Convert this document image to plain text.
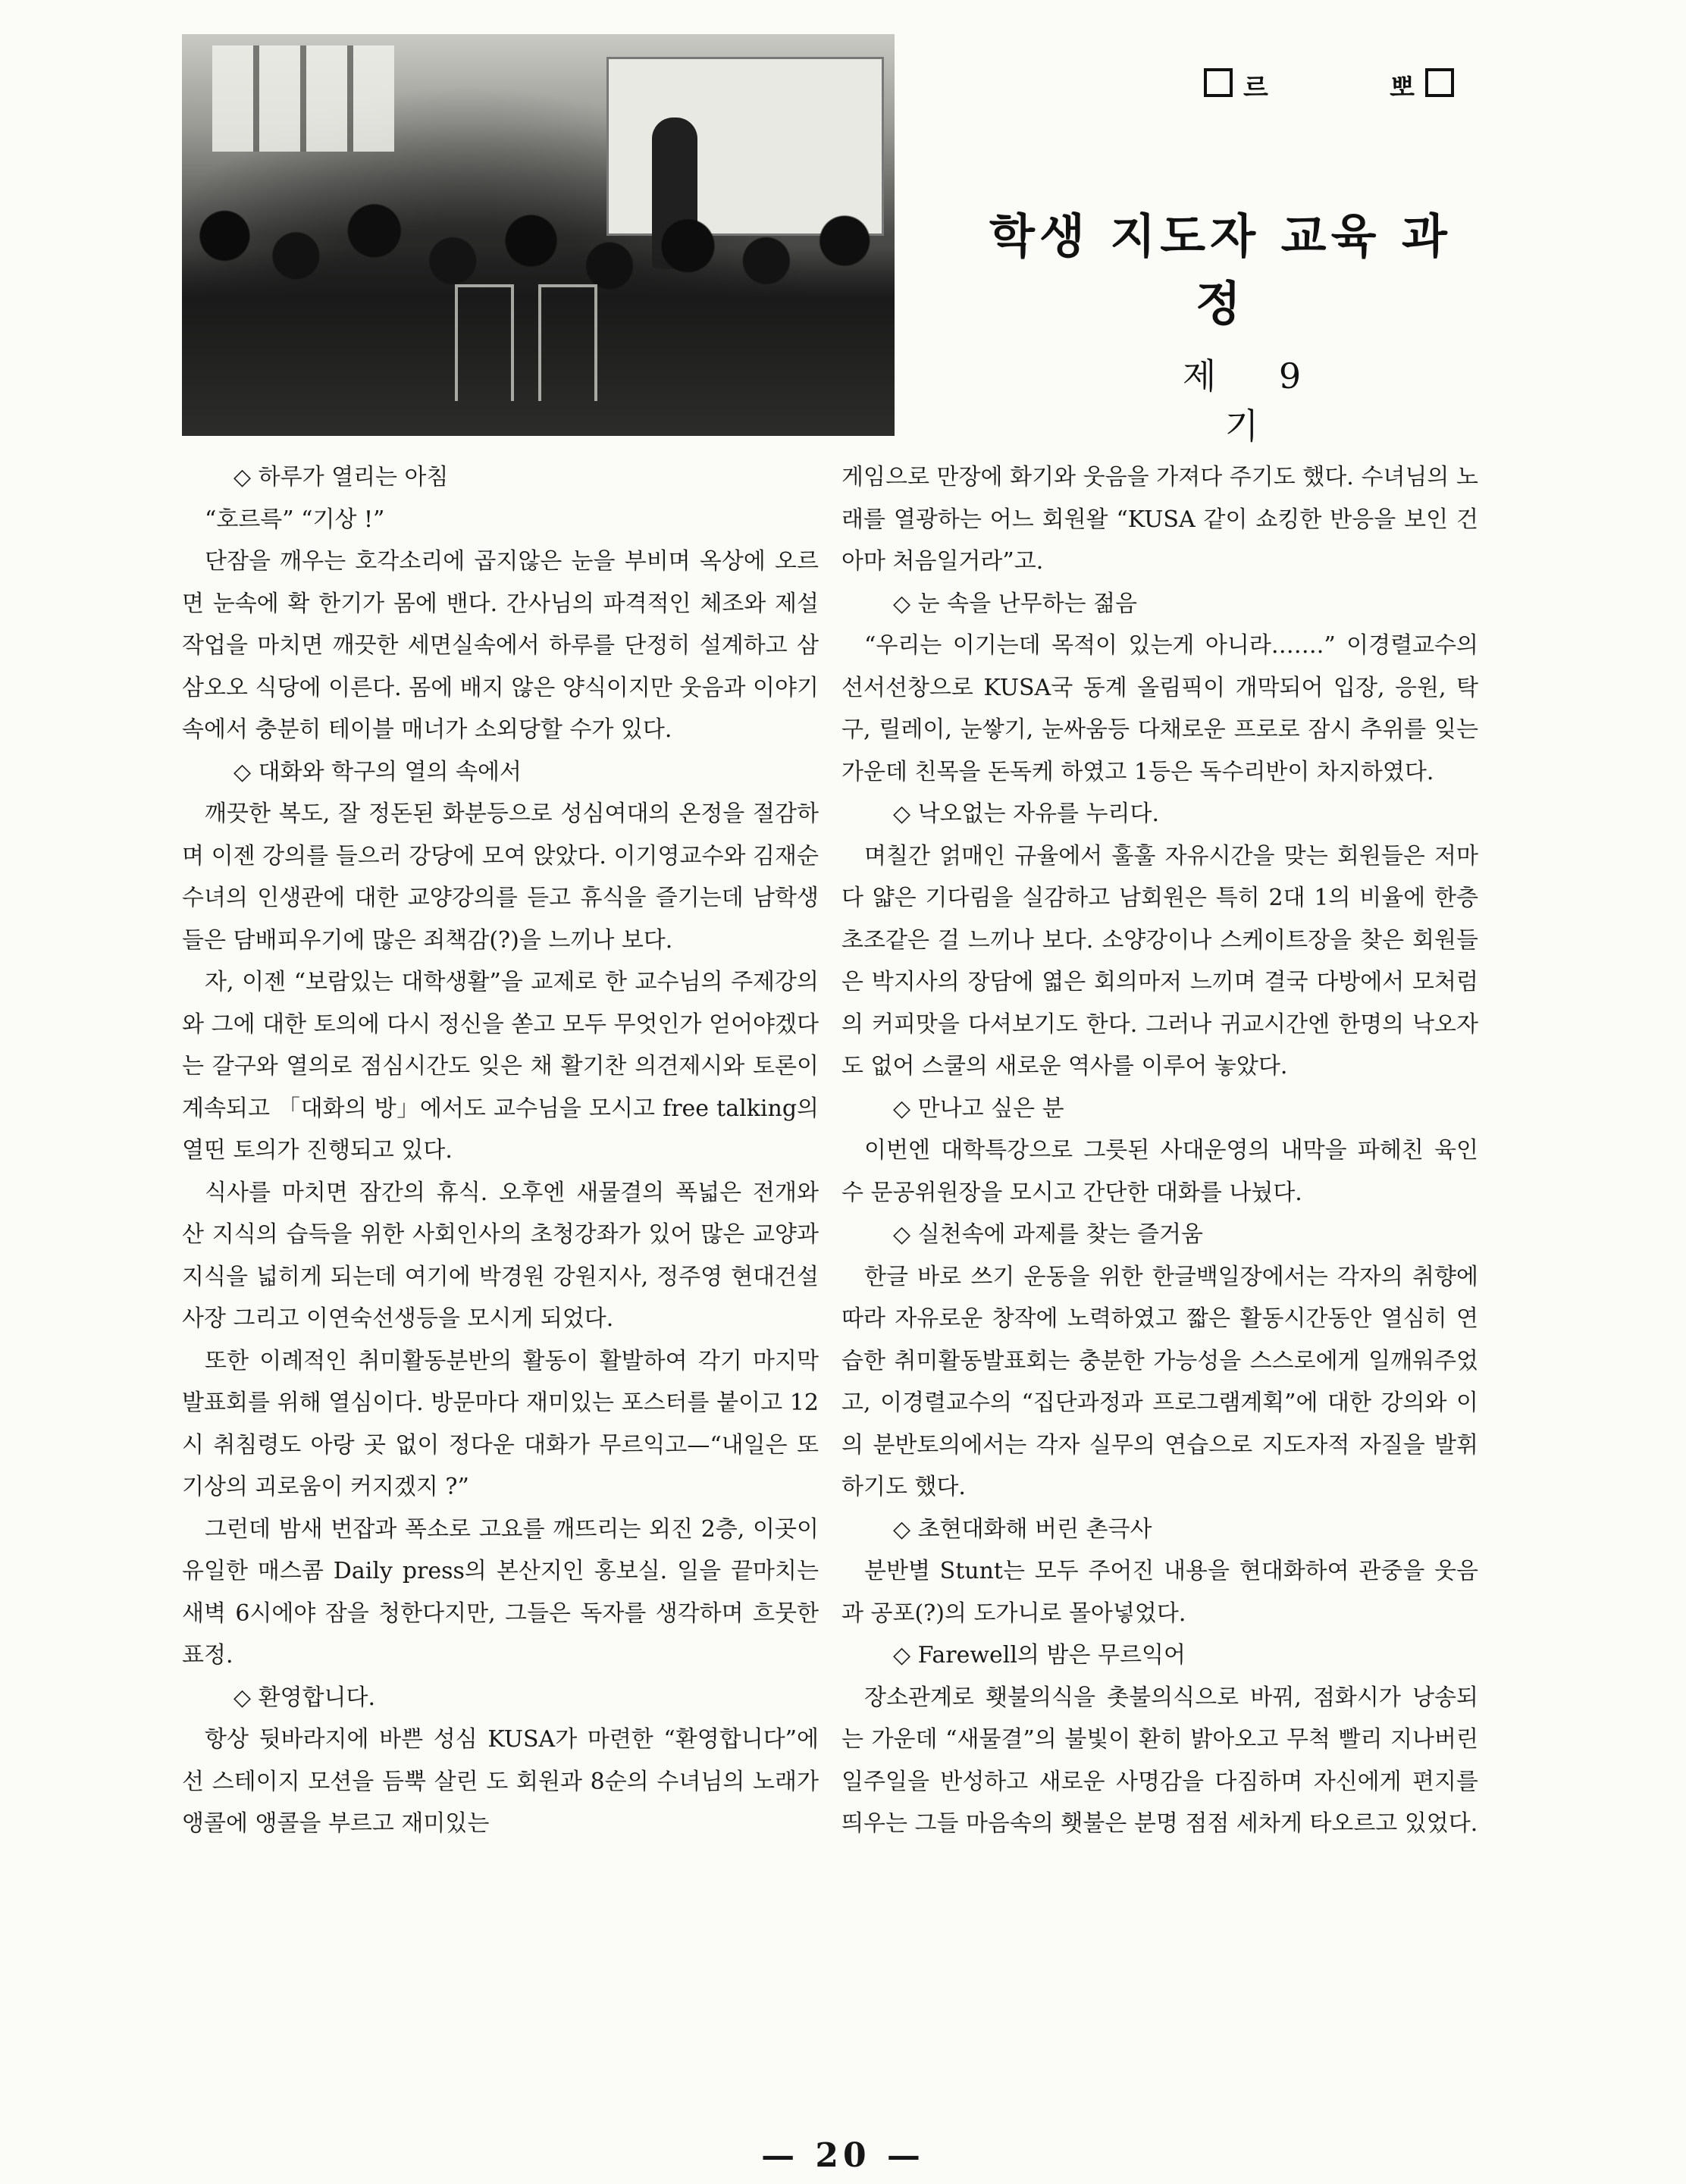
르	뽀
학생 지도자 교육 과정
제 9 기

◇ 하루가 열리는 아침

“호르륵” “기상 !”

단잠을 깨우는 호각소리에 곱지않은 눈을 부비며 옥상에 오르면 눈속에 확 한기가 몸에 밴다. 간사님의 파격적인 체조와 제설작업을 마치면 깨끗한 세면실속에서 하루를 단정히 설계하고 삼삼오오 식당에 이른다. 몸에 배지 않은 양식이지만 웃음과 이야기속에서 충분히 테이블 매너가 소외당할 수가 있다.

◇ 대화와 학구의 열의 속에서

깨끗한 복도, 잘 정돈된 화분등으로 성심여대의 온정을 절감하며 이젠 강의를 들으러 강당에 모여 앉았다. 이기영교수와 김재순수녀의 인생관에 대한 교양강의를 듣고 휴식을 즐기는데 남학생들은 담배피우기에 많은 죄책감(?)을 느끼나 보다.

자, 이젠 “보람있는 대학생활”을 교제로 한 교수님의 주제강의와 그에 대한 토의에 다시 정신을 쏟고 모두 무엇인가 얻어야겠다는 갈구와 열의로 점심시간도 잊은 채 활기찬 의견제시와 토론이 계속되고 「대화의 방」에서도 교수님을 모시고 free talking의 열띤 토의가 진행되고 있다.

식사를 마치면 잠간의 휴식. 오후엔 새물결의 폭넓은 전개와 산 지식의 습득을 위한 사회인사의 초청강좌가 있어 많은 교양과 지식을 넓히게 되는데 여기에 박경원 강원지사, 정주영 현대건설사장 그리고 이연숙선생등을 모시게 되었다.

또한 이례적인 취미활동분반의 활동이 활발하여 각기 마지막 발표회를 위해 열심이다. 방문마다 재미있는 포스터를 붙이고 12시 취침령도 아랑 곳 없이 정다운 대화가 무르익고—“내일은 또 기상의 괴로움이 커지겠지 ?”

그런데 밤새 번잡과 폭소로 고요를 깨뜨리는 외진 2층, 이곳이 유일한 매스콤 Daily press의 본산지인 홍보실. 일을 끝마치는 새벽 6시에야 잠을 청한다지만, 그들은 독자를 생각하며 흐뭇한 표정.

◇ 환영합니다.

항상 뒷바라지에 바쁜 성심 KUSA가 마련한 “환영합니다”에선 스테이지 모션을 듬뿍 살린 도 회원과 8순의 수녀님의 노래가 앵콜에 앵콜을 부르고 재미있는

게임으로 만장에 화기와 웃음을 가져다 주기도 했다. 수녀님의 노래를 열광하는 어느 회원왈 “KUSA 같이 쇼킹한 반응을 보인 건 아마 처음일거라”고.

◇ 눈 속을 난무하는 젊음

“우리는 이기는데 목적이 있는게 아니라…….” 이경렬교수의 선서선창으로 KUSA국 동계 올림픽이 개막되어 입장, 응원, 탁구, 릴레이, 눈쌓기, 눈싸움등 다채로운 프로로 잠시 추위를 잊는 가운데 친목을 돈독케 하였고 1등은 독수리반이 차지하였다.

◇ 낙오없는 자유를 누리다.

며칠간 얽매인 규율에서 훌훌 자유시간을 맞는 회원들은 저마다 얇은 기다림을 실감하고 남회원은 특히 2대 1의 비율에 한층 초조같은 걸 느끼나 보다. 소양강이나 스케이트장을 찾은 회원들은 박지사의 장담에 엷은 회의마저 느끼며 결국 다방에서 모처럼의 커피맛을 다셔보기도 한다. 그러나 귀교시간엔 한명의 낙오자도 없어 스쿨의 새로운 역사를 이루어 놓았다.

◇ 만나고 싶은 분

이번엔 대학특강으로 그릇된 사대운영의 내막을 파헤친 육인수 문공위원장을 모시고 간단한 대화를 나눴다.

◇ 실천속에 과제를 찾는 즐거움

한글 바로 쓰기 운동을 위한 한글백일장에서는 각자의 취향에 따라 자유로운 창작에 노력하였고 짧은 활동시간동안 열심히 연습한 취미활동발표회는 충분한 가능성을 스스로에게 일깨워주었고, 이경렬교수의 “집단과정과 프로그램계획”에 대한 강의와 이의 분반토의에서는 각자 실무의 연습으로 지도자적 자질을 발휘하기도 했다.

◇ 초현대화해 버린 촌극사

분반별 Stunt는 모두 주어진 내용을 현대화하여 관중을 웃음과 공포(?)의 도가니로 몰아넣었다.

◇ Farewell의 밤은 무르익어

장소관계로 횃불의식을 촛불의식으로 바꿔, 점화시가 낭송되는 가운데 “새물결”의 불빛이 환히 밝아오고 무척 빨리 지나버린 일주일을 반성하고 새로운 사명감을 다짐하며 자신에게 편지를 띄우는 그들 마음속의 횃불은 분명 점점 세차게 타오르고 있었다.

— 20 —
